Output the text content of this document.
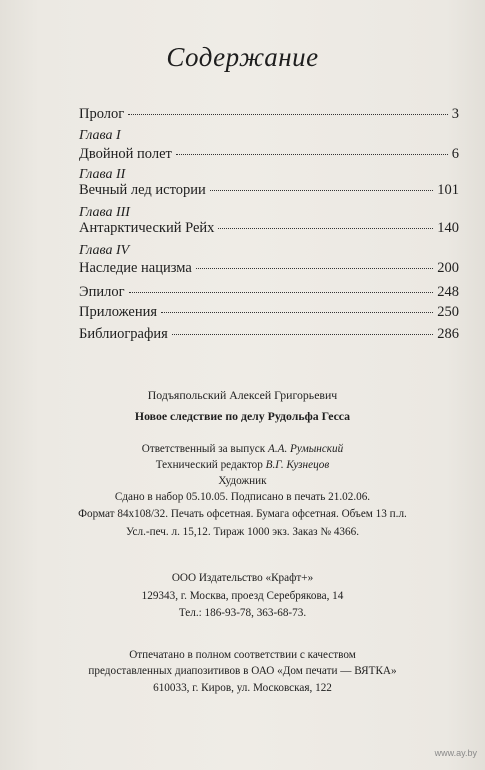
Содержание
Пролог	3
Глава I
Двойной полет	6
Глава II
Вечный лед истории	101
Глава III
Антарктический Рейх	140
Глава IV
Наследие нацизма	200
Эпилог	248
Приложения	250
Библиография	286
Подъяпольский Алексей Григорьевич
Новое следствие по делу Рудольфа Гесса
Ответственный за выпуск А.А. Румынский
Технический редактор В.Г. Кузнецов
Художник
Сдано в набор 05.10.05. Подписано в печать 21.02.06.
Формат 84x108/32. Печать офсетная. Бумага офсетная. Объем 13 п.л.
Усл.-печ. л. 15,12. Тираж 1000 экз. Заказ № 4366.
ООО Издательство «Крафт+»
129343, г. Москва, проезд Серебрякова, 14
Тел.: 186-93-78, 363-68-73.
Отпечатано в полном соответствии с качеством
предоставленных диапозитивов в ОАО «Дом печати — ВЯТКА»
610033, г. Киров, ул. Московская, 122
www.ay.by
